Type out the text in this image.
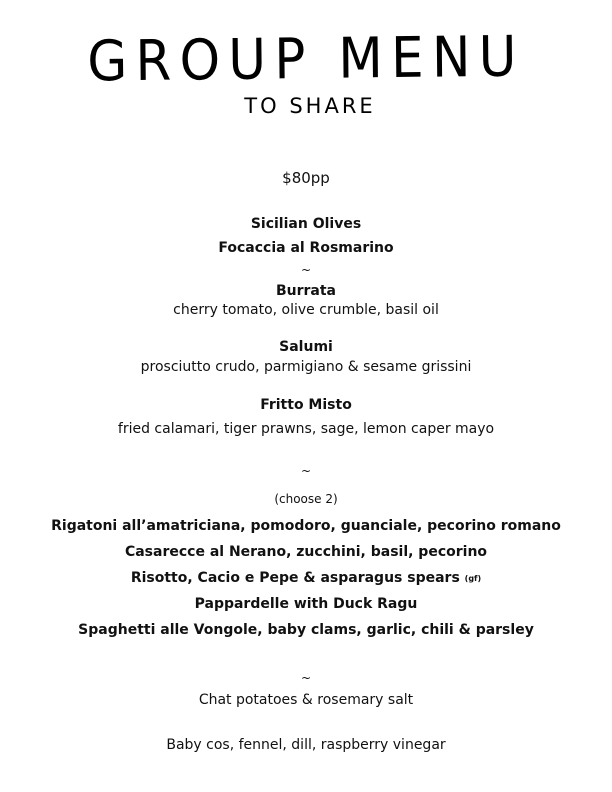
GROUP MENU
TO SHARE
$80pp
Sicilian Olives
Focaccia al Rosmarino
~
Burrata
cherry tomato, olive crumble, basil oil
Salumi
prosciutto crudo, parmigiano & sesame grissini
Fritto Misto
fried calamari, tiger prawns, sage, lemon caper mayo
~
(choose 2)
Rigatoni all’amatriciana, pomodoro, guanciale, pecorino romano
Casarecce al Nerano, zucchini, basil, pecorino
Risotto, Cacio e Pepe & asparagus spears (gf)
Pappardelle with Duck Ragu
Spaghetti alle Vongole, baby clams, garlic, chili & parsley
~
Chat potatoes & rosemary salt
Baby cos, fennel, dill, raspberry vinegar
